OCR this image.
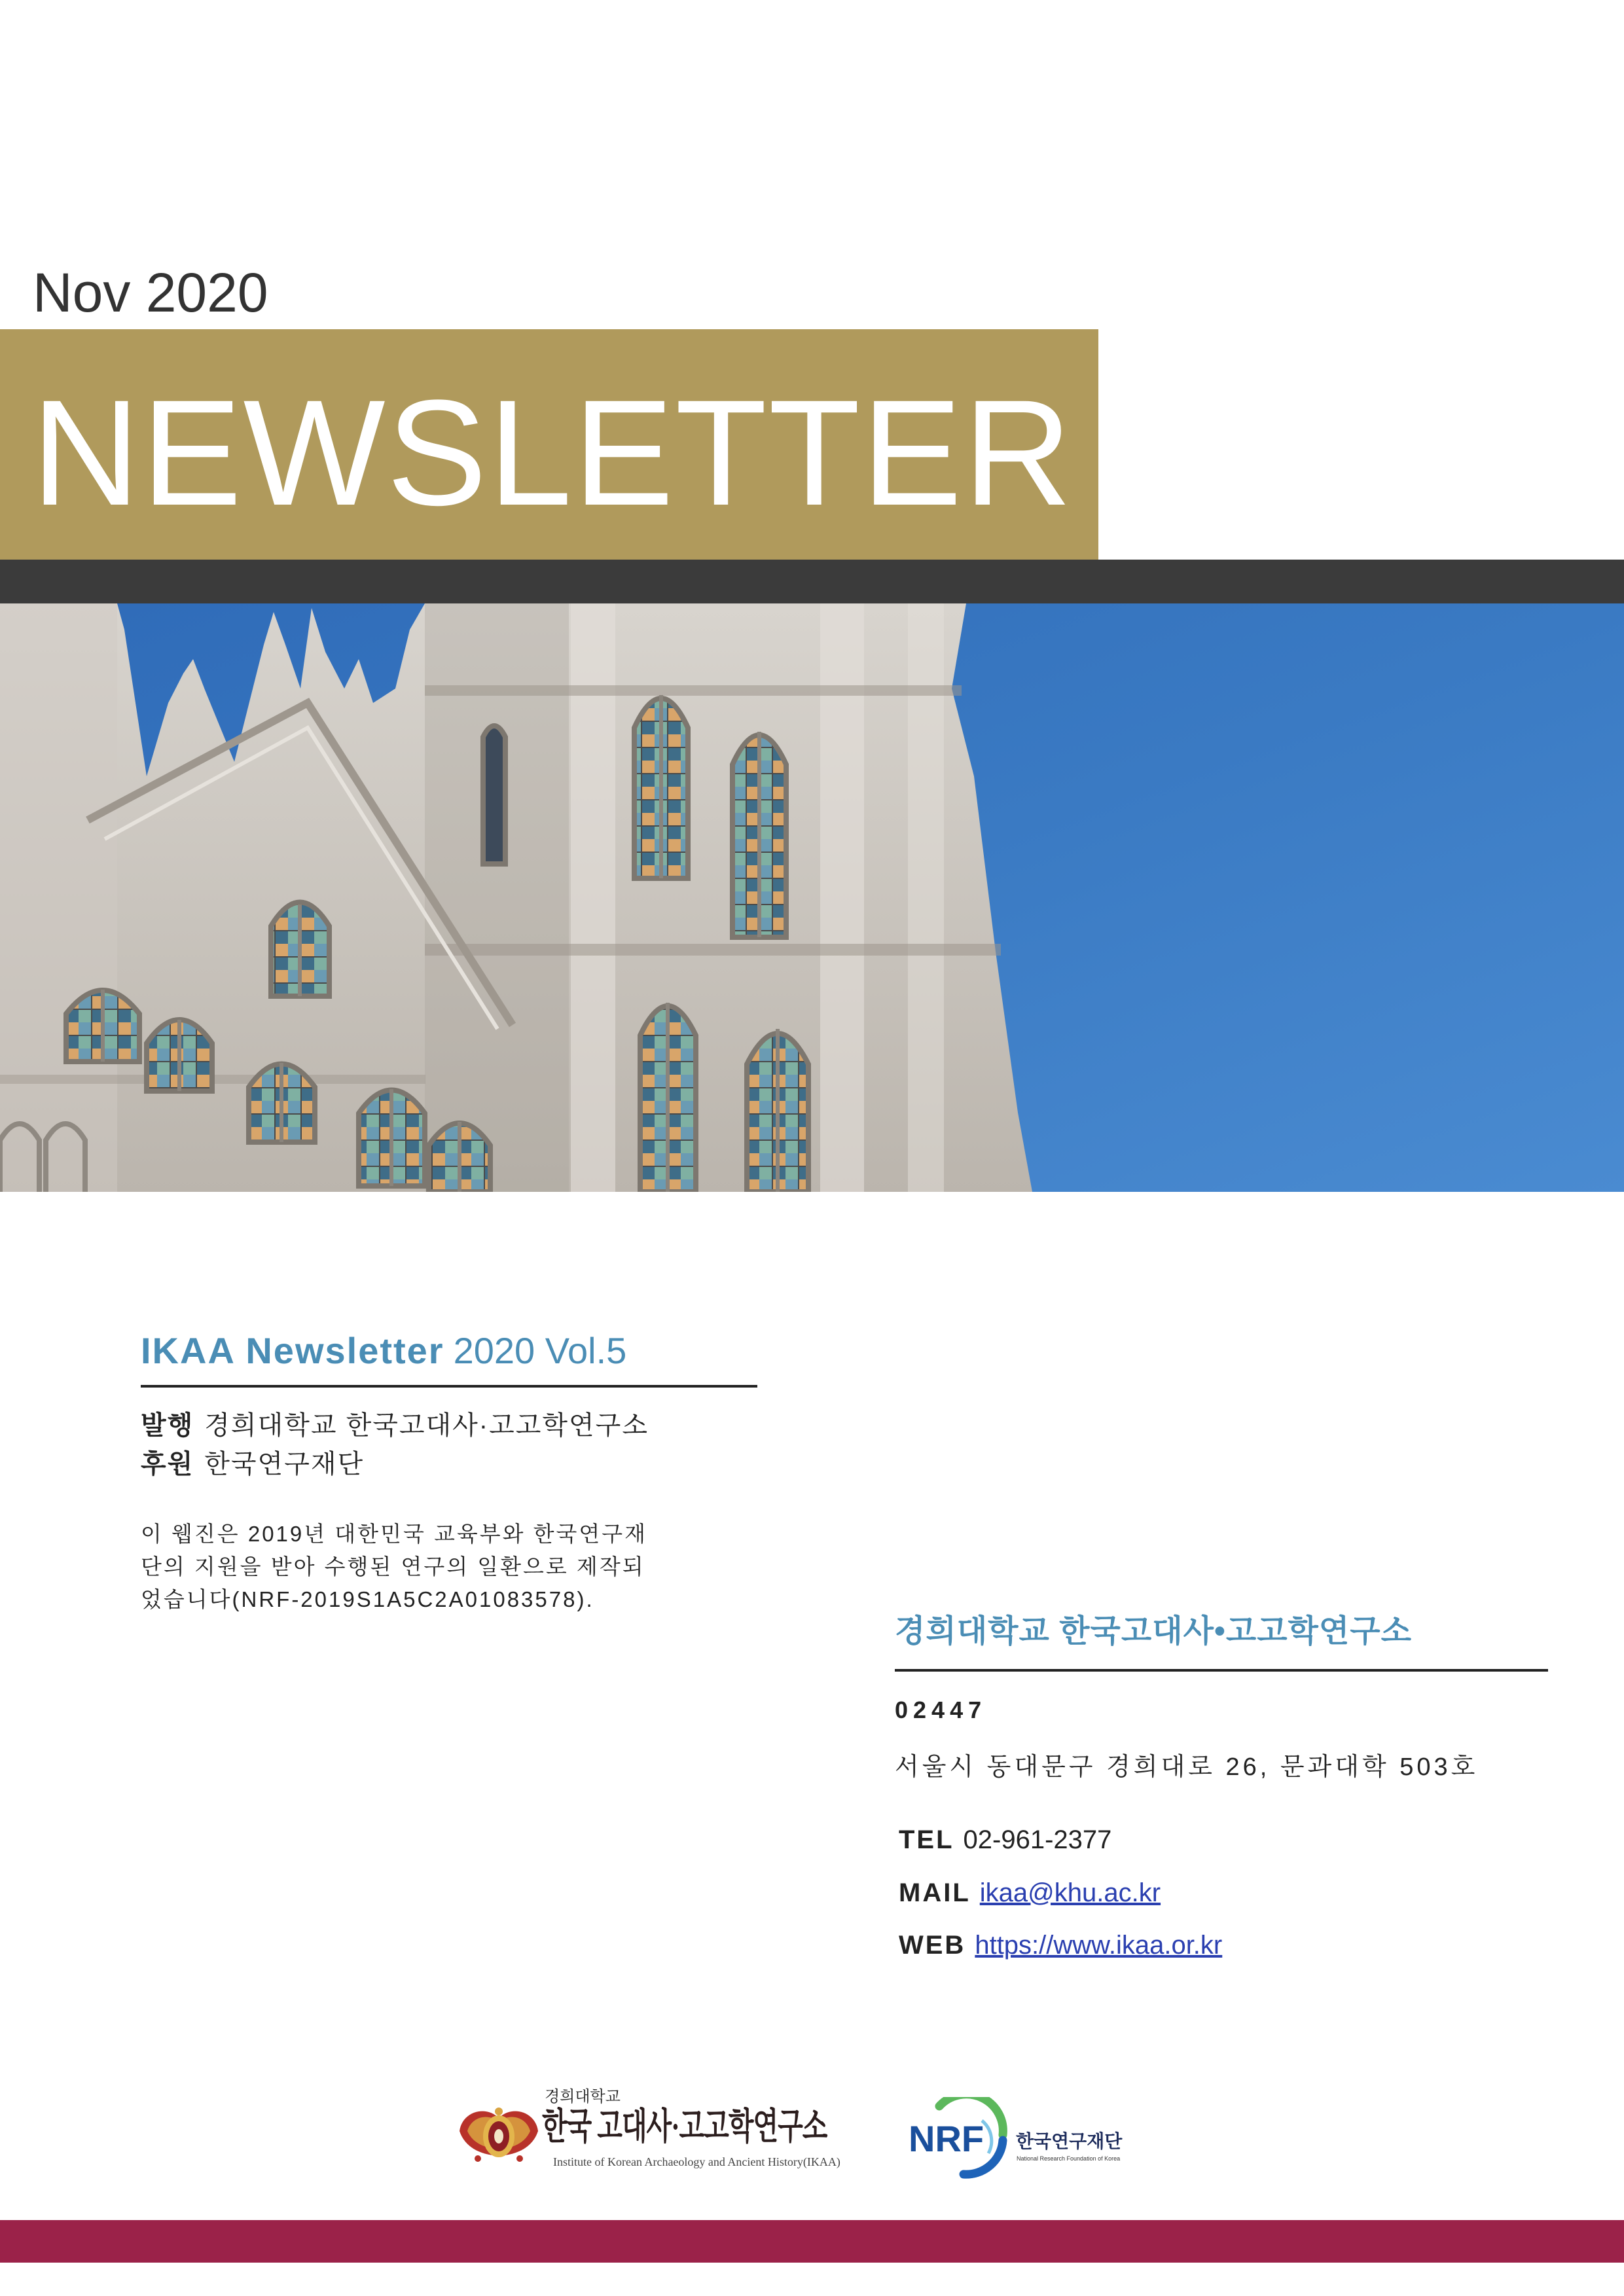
Nov 2020
NEWSLETTER
IKAA Newsletter 2020 Vol.5
발행 경희대학교 한국고대사·고고학연구소
후원 한국연구재단
이 웹진은 2019년 대한민국 교육부와 한국연구재
단의 지원을 받아 수행된 연구의 일환으로 제작되
었습니다(NRF-2019S1A5C2A01083578).
경희대학교 한국고대사•고고학연구소
02447
서울시 동대문구 경희대로 26, 문과대학 503호
TEL 02-961-2377
MAIL ikaa@khu.ac.kr
WEB https://www.ikaa.or.kr
경희대학교
한국 고대사·고고학연구소
Institute of Korean Archaeology and Ancient History(IKAA)
NRF 한국연구재단
National Research Foundation of Korea
